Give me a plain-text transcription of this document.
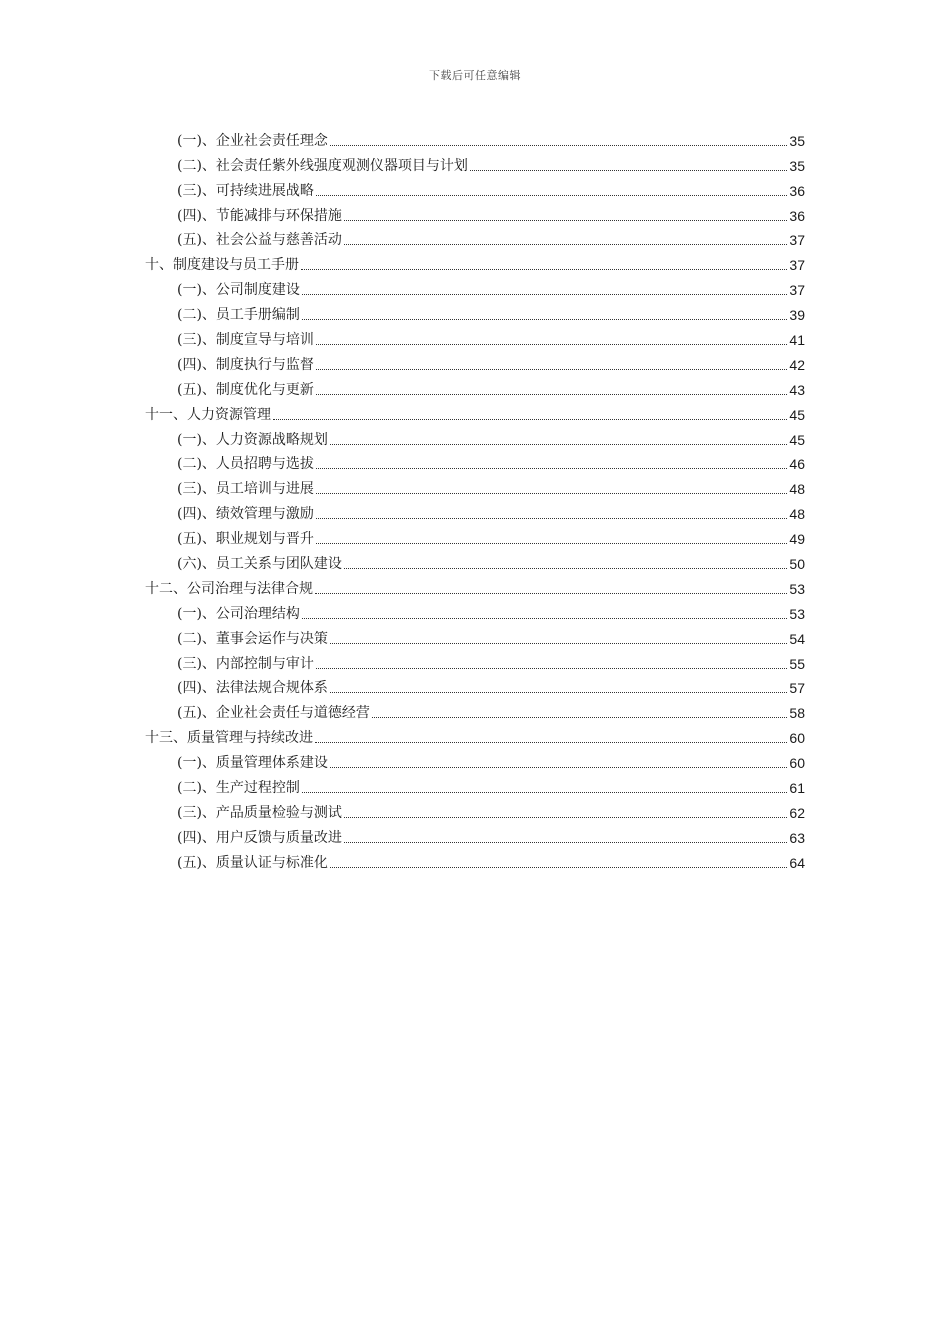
下载后可任意编辑
(一)、企业社会责任理念	35
(二)、社会责任紫外线强度观测仪器项目与计划	35
(三)、可持续进展战略	36
(四)、节能减排与环保措施	36
(五)、社会公益与慈善活动	37
十、制度建设与员工手册	37
(一)、公司制度建设	37
(二)、员工手册编制	39
(三)、制度宣导与培训	41
(四)、制度执行与监督	42
(五)、制度优化与更新	43
十一、人力资源管理	45
(一)、人力资源战略规划	45
(二)、人员招聘与选拔	46
(三)、员工培训与进展	48
(四)、绩效管理与激励	48
(五)、职业规划与晋升	49
(六)、员工关系与团队建设	50
十二、公司治理与法律合规	53
(一)、公司治理结构	53
(二)、董事会运作与决策	54
(三)、内部控制与审计	55
(四)、法律法规合规体系	57
(五)、企业社会责任与道德经营	58
十三、质量管理与持续改进	60
(一)、质量管理体系建设	60
(二)、生产过程控制	61
(三)、产品质量检验与测试	62
(四)、用户反馈与质量改进	63
(五)、质量认证与标准化	64
